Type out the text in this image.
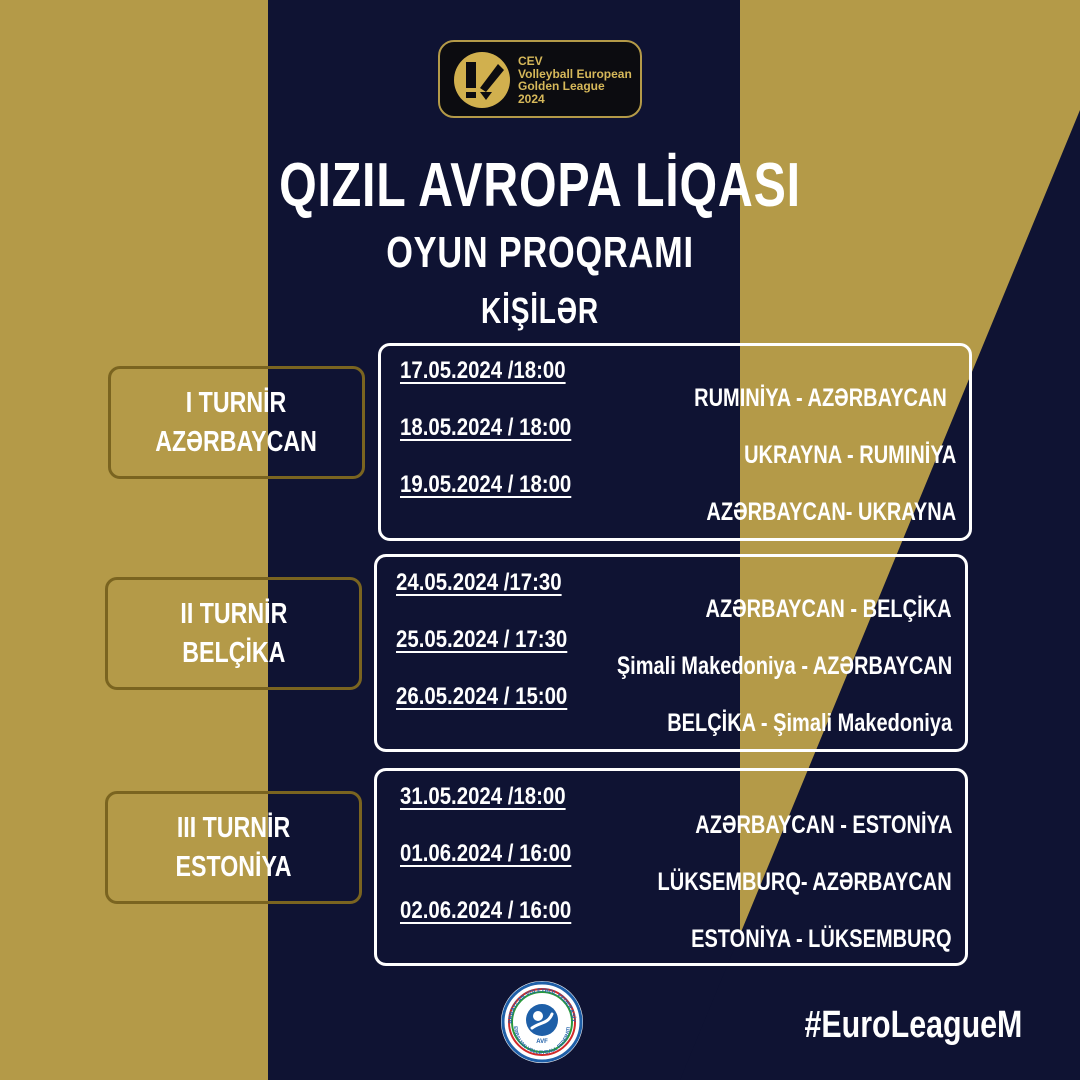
CEV
Volleyball European
Golden League
2024
QIZIL AVROPA LİQASI
OYUN PROQRAMI
KİŞİLƏR
I TURNİR
AZƏRBAYCAN
17.05.2024 /18:00
18.05.2024 / 18:00
19.05.2024 / 18:00
RUMINİYA - AZƏRBAYCAN
UKRAYNA - RUMINİYA
AZƏRBAYCAN- UKRAYNA
II TURNİR
BELÇİKA
24.05.2024 /17:30
25.05.2024 / 17:30
26.05.2024 / 15:00
AZƏRBAYCAN - BELÇİKA
Şimali Makedoniya - AZƏRBAYCAN
BELÇİKA - Şimali Makedoniya
III TURNİR
ESTONİYA
31.05.2024 /18:00
01.06.2024 / 16:00
02.06.2024 / 16:00
AZƏRBAYCAN - ESTONİYA
LÜKSEMBURQ- AZƏRBAYCAN
ESTONİYA - LÜKSEMBURQ
ƏRBAYCAN VOLEYBOL FEDERASİY
ERBAIJAN VOLLEYBALL FEDERATI
AVF	#EuroLeagueM
